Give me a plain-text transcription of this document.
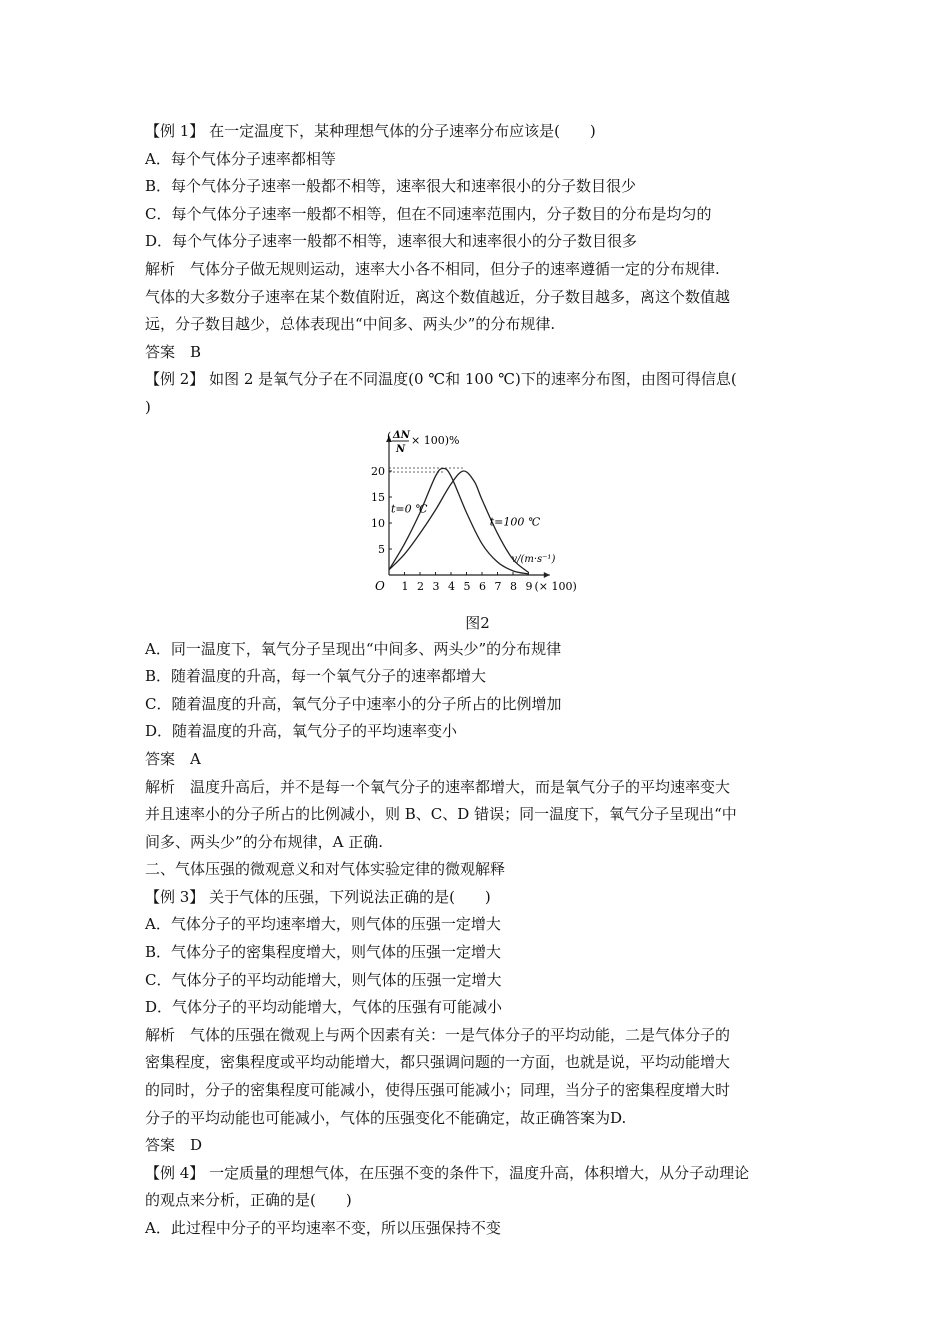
【例 1】 在一定温度下，某种理想气体的分子速率分布应该是(　　)
A．每个气体分子速率都相等
B．每个气体分子速率一般都不相等，速率很大和速率很小的分子数目很少
C．每个气体分子速率一般都不相等，但在不同速率范围内，分子数目的分布是均匀的
D．每个气体分子速率一般都不相等，速率很大和速率很小的分子数目很多
解析　气体分子做无规则运动，速率大小各不相同，但分子的速率遵循一定的分布规律.
气体的大多数分子速率在某个数值附近，离这个数值越近，分子数目越多，离这个数值越
远，分子数目越少，总体表现出“中间多、两头少”的分布规律.
答案　B
【例 2】 如图 2 是氧气分子在不同温度(0 ℃和 100 ℃)下的速率分布图，由图可得信息(
)
O 1 2 3 4 5 6 7 8 9 (× 100)
5
10
15
20
( ΔN
N
× 100)%
v/(m·s⁻¹)
t=0 ℃
t=100 ℃
图2
A．同一温度下，氧气分子呈现出“中间多、两头少”的分布规律
B．随着温度的升高，每一个氧气分子的速率都增大
C．随着温度的升高，氧气分子中速率小的分子所占的比例增加
D．随着温度的升高，氧气分子的平均速率变小
答案　A
解析　温度升高后，并不是每一个氧气分子的速率都增大，而是氧气分子的平均速率变大
并且速率小的分子所占的比例减小，则 B、C、D 错误；同一温度下，氧气分子呈现出“中
间多、两头少”的分布规律，A 正确.
二、气体压强的微观意义和对气体实验定律的微观解释
【例 3】 关于气体的压强，下列说法正确的是(　　)
A．气体分子的平均速率增大，则气体的压强一定增大
B．气体分子的密集程度增大，则气体的压强一定增大
C．气体分子的平均动能增大，则气体的压强一定增大
D．气体分子的平均动能增大，气体的压强有可能减小
解析　气体的压强在微观上与两个因素有关：一是气体分子的平均动能，二是气体分子的
密集程度，密集程度或平均动能增大，都只强调问题的一方面，也就是说，平均动能增大
的同时，分子的密集程度可能减小，使得压强可能减小；同理，当分子的密集程度增大时
分子的平均动能也可能减小，气体的压强变化不能确定，故正确答案为D.
答案　D
【例 4】 一定质量的理想气体，在压强不变的条件下，温度升高，体积增大，从分子动理论
的观点来分析，正确的是(　　)
A．此过程中分子的平均速率不变，所以压强保持不变
